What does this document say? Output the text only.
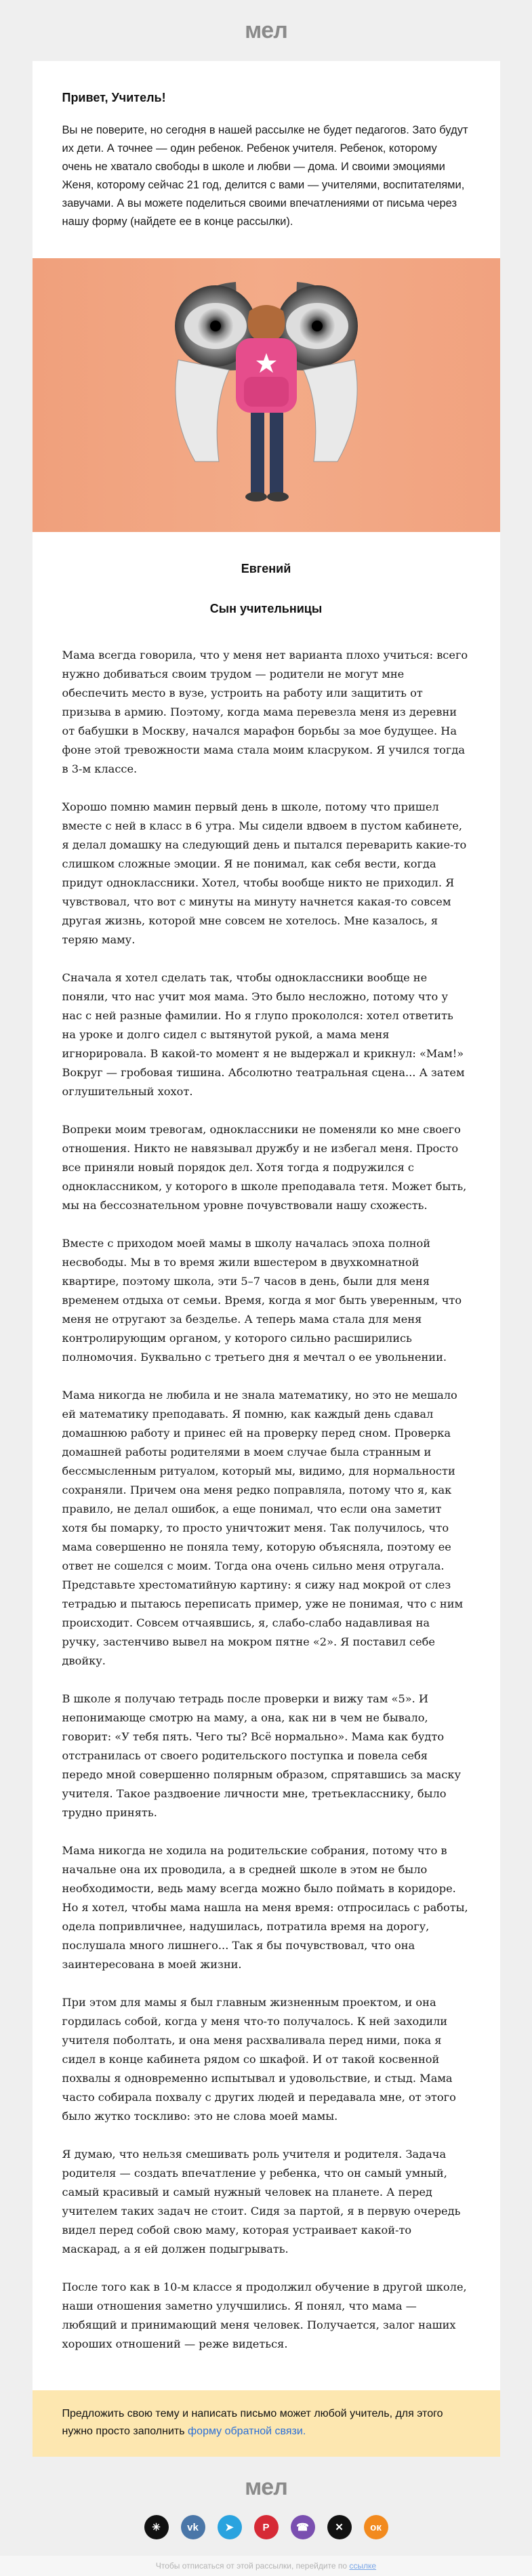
мел
Привет, Учитель!
Вы не поверите, но сегодня в нашей рассылке не будет педагогов. Зато будут их дети. А точнее — один ребенок. Ребенок учителя. Ребенок, которому очень не хватало свободы в школе и любви — дома. И своими эмоциями Женя, которому сейчас 21 год, делится с вами — учителями, воспитателями, завучами. А вы можете поделиться своими впечатлениями от письма через нашу форму (найдете ее в конце рассылки).
Евгений
Сын учительницы

Мама всегда говорила, что у меня нет варианта плохо учиться: всего нужно добиваться своим трудом — родители не могут мне обеспечить место в вузе, устроить на работу или защитить от призыва в армию. Поэтому, когда мама перевезла меня из деревни от бабушки в Москву, начался марафон борьбы за мое будущее. На фоне этой тревожности мама стала моим класруком. Я учился тогда в 3-м классе.

Хорошо помню мамин первый день в школе, потому что пришел вместе с ней в класс в 6 утра. Мы сидели вдвоем в пустом кабинете, я делал домашку на следующий день и пытался переварить какие-то слишком сложные эмоции. Я не понимал, как себя вести, когда придут одноклассники. Хотел, чтобы вообще никто не приходил. Я чувствовал, что вот с минуты на минуту начнется какая-то совсем другая жизнь, которой мне совсем не хотелось. Мне казалось, я теряю маму.

Сначала я хотел сделать так, чтобы одноклассники вообще не поняли, что нас учит моя мама. Это было несложно, потому что у нас с ней разные фамилии. Но я глупо прокололся: хотел ответить на уроке и долго сидел с вытянутой рукой, а мама меня игнорировала. В какой-то момент я не выдержал и крикнул: «Мам!» Вокруг — гробовая тишина. Абсолютно театральная сцена... А затем оглушительный хохот.

Вопреки моим тревогам, одноклассники не поменяли ко мне своего отношения. Никто не навязывал дружбу и не избегал меня. Просто все приняли новый порядок дел. Хотя тогда я подружился с одноклассником, у которого в школе преподавала тетя. Может быть, мы на бессознательном уровне почувствовали нашу схожесть.

Вместе с приходом моей мамы в школу началась эпоха полной несвободы. Мы в то время жили вшестером в двухкомнатной квартире, поэтому школа, эти 5–7 часов в день, были для меня временем отдыха от семьи. Время, когда я мог быть уверенным, что меня не отругают за безделье. А теперь мама стала для меня контролирующим органом, у которого сильно расширились полномочия. Буквально с третьего дня я мечтал о ее увольнении.

Мама никогда не любила и не знала математику, но это не мешало ей математику преподавать. Я помню, как каждый день сдавал домашнюю работу и принес ей на проверку перед сном. Проверка домашней работы родителями в моем случае была странным и бессмысленным ритуалом, который мы, видимо, для нормальности сохраняли. Причем она меня редко поправляла, потому что я, как правило, не делал ошибок, а еще понимал, что если она заметит хотя бы помарку, то просто уничтожит меня. Так получилось, что мама совершенно не поняла тему, которую объясняла, поэтому ее ответ не сошелся с моим. Тогда она очень сильно меня отругала. Представьте хрестоматийную картину: я сижу над мокрой от слез тетрадью и пытаюсь переписать пример, уже не понимая, что с ним происходит. Совсем отчаявшись, я, слабо-слабо надавливая на ручку, застенчиво вывел на мокром пятне «2». Я поставил себе двойку.

В школе я получаю тетрадь после проверки и вижу там «5». И непонимающе смотрю на маму, а она, как ни в чем не бывало, говорит: «У тебя пять. Чего ты? Всё нормально». Мама как будто отстранилась от своего родительского поступка и повела себя передо мной совершенно полярным образом, спрятавшись за маску учителя. Такое раздвоение личности мне, третьекласснику, было трудно принять.

Мама никогда не ходила на родительские собрания, потому что в начальне она их проводила, а в средней школе в этом не было необходимости, ведь маму всегда можно было поймать в коридоре. Но я хотел, чтобы мама нашла на меня время: отпросилась с работы, одела попривличнее, надушилась, потратила время на дорогу, послушала много лишнего... Так я бы почувствовал, что она заинтересована в моей жизни.

При этом для мамы я был главным жизненным проектом, и она гордилась собой, когда у меня что-то получалось. К ней заходили учителя поболтать, и она меня расхваливала перед ними, пока я сидел в конце кабинета рядом со шкафой. И от такой косвенной похвалы я одновременно испытывал и удовольствие, и стыд. Мама часто собирала похвалу с других людей и передавала мне, от этого было жутко тоскливо: это не слова моей мамы.

Я думаю, что нельзя смешивать роль учителя и родителя. Задача родителя — создать впечатление у ребенка, что он самый умный, самый красивый и самый нужный человек на планете. А перед учителем таких задач не стоит. Сидя за партой, я в первую очередь видел перед собой свою маму, которая устраивает какой-то маскарад, а я ей должен подыгрывать.

После того как в 10-м классе я продолжил обучение в другой школе, наши отношения заметно улучшились. Я понял, что мама — любящий и принимающий меня человек. Получается, залог наших хороших отношений — реже видеться.

Предложить свою тему и написать письмо может любой учитель, для этого нужно просто заполнить форму обратной связи.
мел
✳	vk	➤	P	☎	✕	ок
Чтобы отписаться от этой рассылки, перейдите по ссылке
